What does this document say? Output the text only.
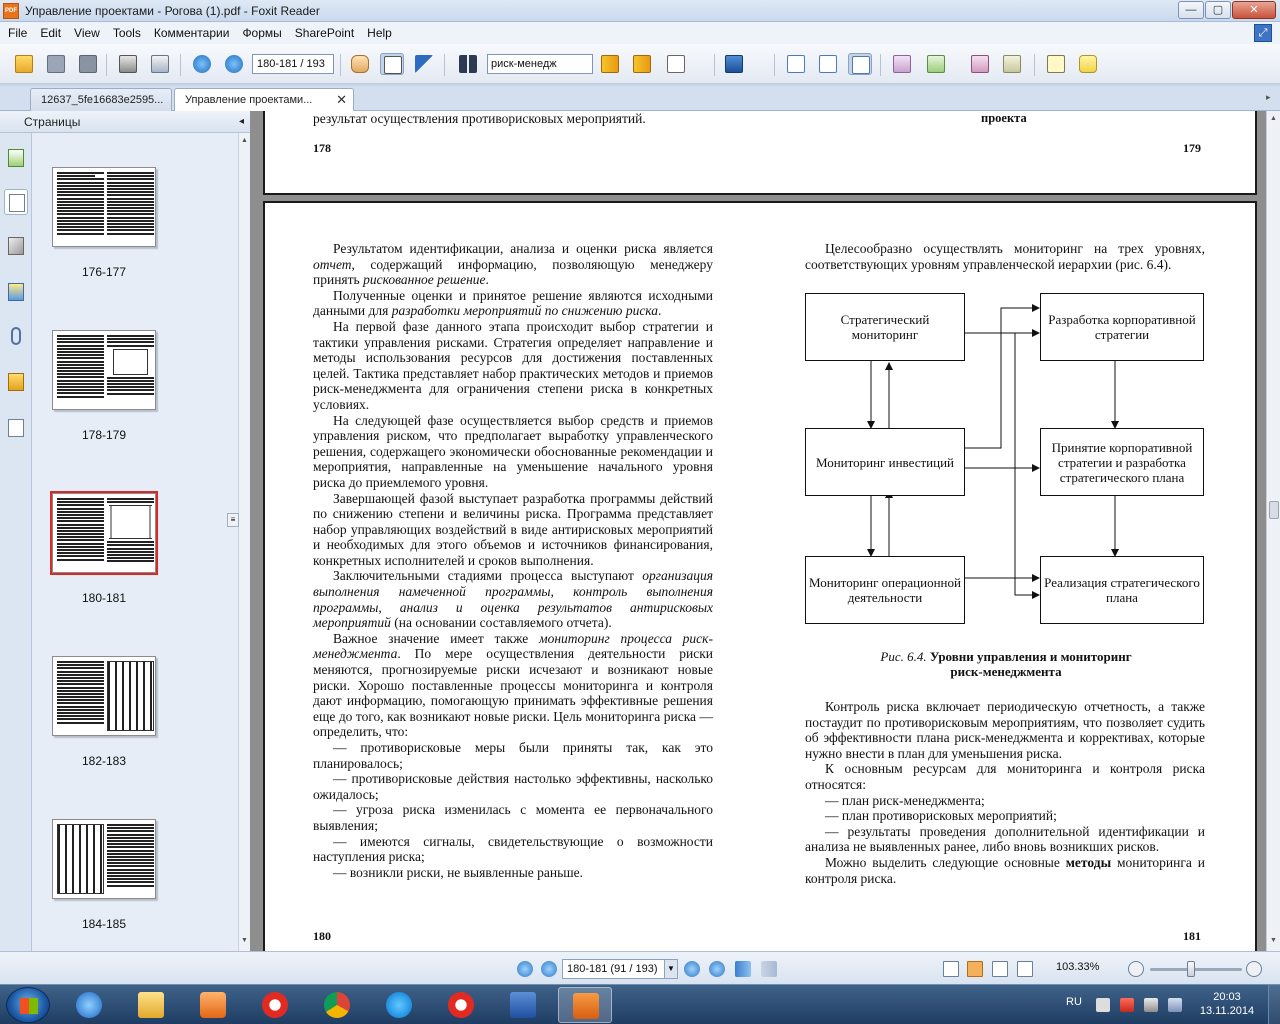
PDF Управление проектами - Рогова (1).pdf - Foxit Reader	—	▢	✕
File Edit View Tools Комментарии Формы SharePoint Help	⤢
180-181 / 193	риск-менедж
12637_5fe16683e2595...	Управление проектами... ✕	▸
Страницы	◂
176-177
178-179
180-181
182-183
184-185
▲
≡
▼
результат осуществления противорисковых мероприятий.	проекта
178	179

Результатом идентификации, анализа и оценки риска является отчет, содержащий информацию, позволяющую менеджеру принять рискованное решение.

Полученные оценки и принятое решение являются исходными данными для разработки мероприятий по снижению риска.

На первой фазе данного этапа происходит выбор стратегии и тактики управления рисками. Стратегия определяет направление и методы использования ресурсов для достижения поставленных целей. Тактика представляет набор практических методов и приемов риск-менеджмента для ограничения степени риска в конкретных условиях.

На следующей фазе осуществляется выбор средств и приемов управления риском, что предполагает выработку управленческого решения, содержащего экономически обоснованные рекомендации и мероприятия, направленные на уменьшение начального уровня риска до приемлемого уровня.

Завершающей фазой выступает разработка программы действий по снижению степени и величины риска. Программа представляет набор управляющих воздействий в виде антирисковых мероприятий и необходимых для этого объемов и источников финансирования, конкретных исполнителей и сроков выполнения.

Заключительными стадиями процесса выступают организация выполнения намеченной программы, контроль выполнения программы, анализ и оценка результатов антирисковых мероприятий (на основании составляемого отчета).

Важное значение имеет также мониторинг процесса риск-менеджмента. По мере осуществления деятельности риски меняются, прогнозируемые риски исчезают и возникают новые риски. Хорошо поставленные процессы мониторинга и контроля дают информацию, помогающую принимать эффективные решения еще до того, как возникают новые риски. Цель мониторинга риска — определить, что:

— противорисковые меры были приняты так, как это планировалось;

— противорисковые действия настолько эффективны, насколько ожидалось;

— угроза риска изменилась с момента ее первоначального выявления;

— имеются сигналы, свидетельствующие о возможности наступления риска;

— возникли риски, не выявленные раньше.

Целесообразно осуществлять мониторинг на трех уровнях, соответствующих уровням управленческой иерархии (рис. 6.4).

Стратегический мониторинг
Разработка корпоративной стратегии
Мониторинг инвестиций
Принятие корпоративной стратегии и разработка стратегического плана
Мониторинг операционной деятельности
Реализация стратегического плана
Рис. 6.4. Уровни управления и мониторинг
риск-менеджмента

Контроль риска включает периодическую отчетность, а также постаудит по противорисковым мероприятиям, что позволяет судить об эффективности плана риск-менеджмента и коррективах, которые нужно внести в план для уменьшения риска.

К основным ресурсам для мониторинга и контроля риска относятся:

— план риск-менеджмента;

— план противорисковых мероприятий;

— результаты проведения дополнительной идентификации и анализа не выявленных ранее, либо вновь возникших рисков.

Можно выделить следующие основные методы мониторинга и контроля риска.

180	181
▲
▼
180-181 (91 / 193)	▼	103.33%
RU	20:03
13.11.2014
